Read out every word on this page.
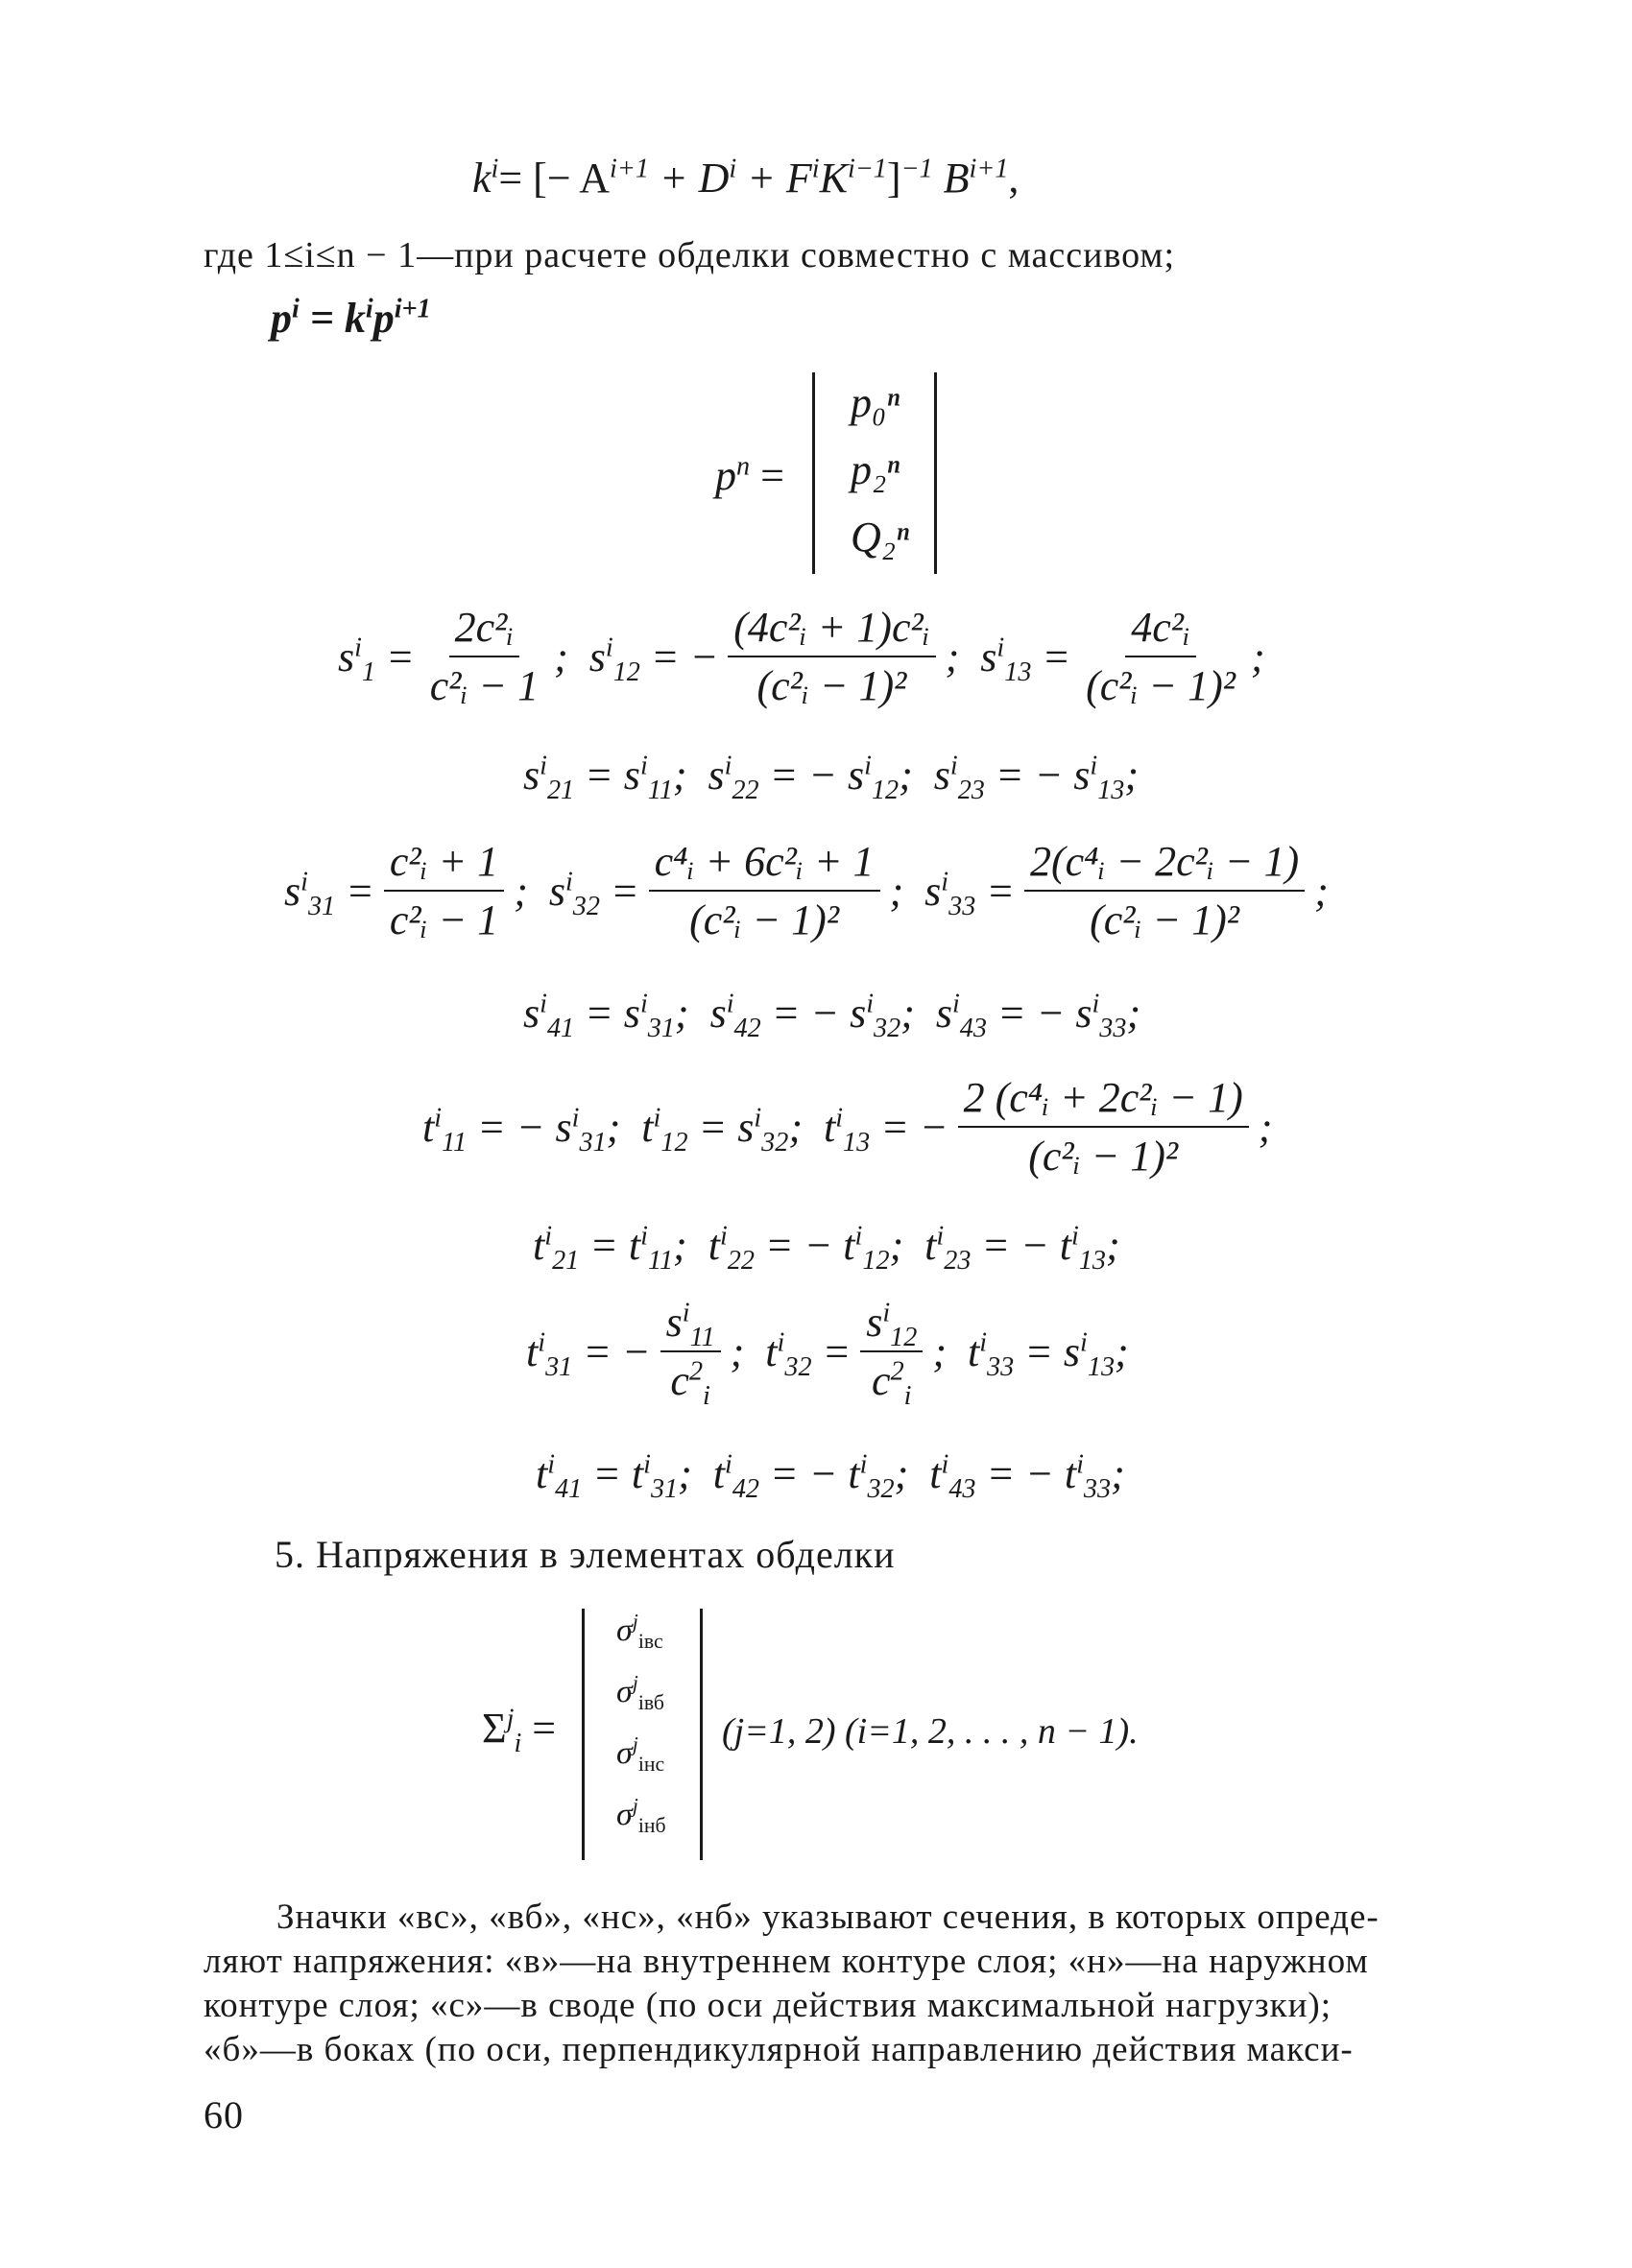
$k^i=$ [− $A^{i+1} + D^i + F^iK^{i-1}]^{-1}$ $B^{i+1}$,
где 1≤i≤n − 1—при расчете обделки совместно с массивом;
$p^i = k^ip^{i+1}$
$p^n$ =
p₀ⁿ
p₂ⁿ
Q₂ⁿ
$s^i_1 = \frac{\text{2c²ᵢ}}{\text{c²ᵢ − 1}}$ ;  $s^i_{12}$ = − $\frac{\text{(4c²ᵢ + 1)c²ᵢ}}{\text{(c²ᵢ − 1)²}}$ ;  $s^i_{13} = \frac{\text{4c²ᵢ}}{\text{(c²ᵢ − 1)²}}$ ;
$s^i_{21} = s^i_{11}$;  $s^i_{22}$ = − $s^i_{12}$;  $s^i_{23}$ = − $s^i_{13}$;
$s^i_{31} = \frac{\text{c²ᵢ + 1}}{\text{c²ᵢ − 1}}$ ;  $s^i_{32} = \frac{\text{c⁴ᵢ + 6c²ᵢ + 1}}{\text{(c²ᵢ − 1)²}}$ ;  $s^i_{33} = \frac{\text{2(c⁴ᵢ − 2c²ᵢ − 1)}}{\text{(c²ᵢ − 1)²}}$ ;
$s^i_{41} = s^i_{31}$;  $s^i_{42}$ = − $s^i_{32}$;  $s^i_{43}$ = − $s^i_{33}$;
$t^i_{11}$ = − $s^i_{31}$;  $t^i_{12} = s^i_{32}$;  $t^i_{13}$ = − $\frac{\text{2 (c⁴ᵢ + 2c²ᵢ − 1)}}{\text{(c²ᵢ − 1)²}}$ ;
$t^i_{21} = t^i_{11}$;  $t^i_{22}$ = − $t^i_{12}$;  $t^i_{23}$ = − $t^i_{13}$;
$t^i_{31}$ = − $\frac{s^i_{11}}{c^2_i}$ ;  $t^i_{32} = \frac{s^i_{12}}{c^2_i}$ ;  $t^i_{33} = s^i_{13}$;
$t^i_{41} = t^i_{31}$;  $t^i_{42}$ = − $t^i_{32}$;  $t^i_{43}$ = − $t^i_{33}$;
5. Напряжения в элементах обделки
$\Sigma^j_i$ =
$\sigma^j_{iвс}$
$\sigma^j_{iвб}$
$\sigma^j_{iнс}$
$\sigma^j_{iнб}$
(j=1, 2) (i=1, 2, . . . , n − 1).
Значки «вс», «вб», «нс», «нб» указывают сечения, в которых опреде-
ляют напряжения: «в»—на внутреннем контуре слоя; «н»—на наружном
контуре слоя; «с»—в своде (по оси действия максимальной нагрузки);
«б»—в боках (по оси, перпендикулярной направлению действия макси-
60
